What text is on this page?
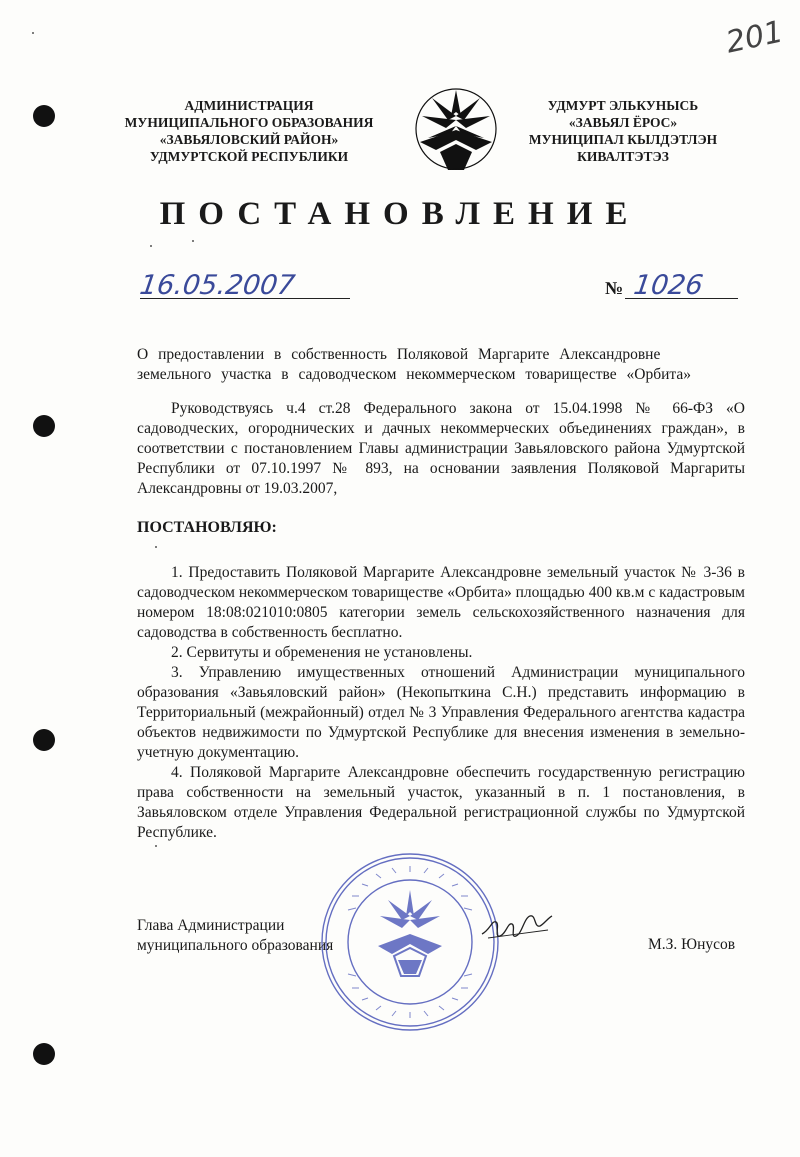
201
АДМИНИСТРАЦИЯ
МУНИЦИПАЛЬНОГО ОБРАЗОВАНИЯ
«ЗАВЬЯЛОВСКИЙ РАЙОН»
УДМУРТСКОЙ РЕСПУБЛИКИ
УДМУРТ ЭЛЬКУНЫСЬ
«ЗАВЬЯЛ ЁРОС»
МУНИЦИПАЛ КЫЛДЭТЛЭН
КИВАЛТЭТЭЗ
ПОСТАНОВЛЕНИЕ
16.05.2007	№ 1026
О предоставлении в собственность Поляковой Маргарите Александровне
земельного участка в садоводческом некоммерческом товариществе «Орбита»
Руководствуясь ч.4 ст.28 Федерального закона от 15.04.1998 № 66-ФЗ «О садоводческих, огороднических и дачных некоммерческих объединениях граждан», в соответствии с постановлением Главы администрации Завьяловского района Удмуртской Республики от 07.10.1997 № 893, на основании заявления Поляковой Маргариты Александровны от 19.03.2007,
ПОСТАНОВЛЯЮ:

1. Предоставить Поляковой Маргарите Александровне земельный участок № 3-36 в садоводческом некоммерческом товариществе «Орбита» площадью 400 кв.м с кадастровым номером 18:08:021010:0805 категории земель сельскохозяйственного назначения для садоводства в собственность бесплатно.

2. Сервитуты и обременения не установлены.

3. Управлению имущественных отношений Администрации муниципального образования «Завьяловский район» (Некопыткина С.Н.) представить информацию в Территориальный (межрайонный) отдел № 3 Управления Федерального агентства кадастра объектов недвижимости по Удмуртской Республике для внесения изменения в земельно-учетную документацию.

4. Поляковой Маргарите Александровне обеспечить государственную регистрацию права собственности на земельный участок, указанный в п. 1 постановления, в Завьяловском отделе Управления Федеральной регистрационной службы по Удмуртской Республике.

Глава Администрации
муниципального образования	М.З. Юнусов
